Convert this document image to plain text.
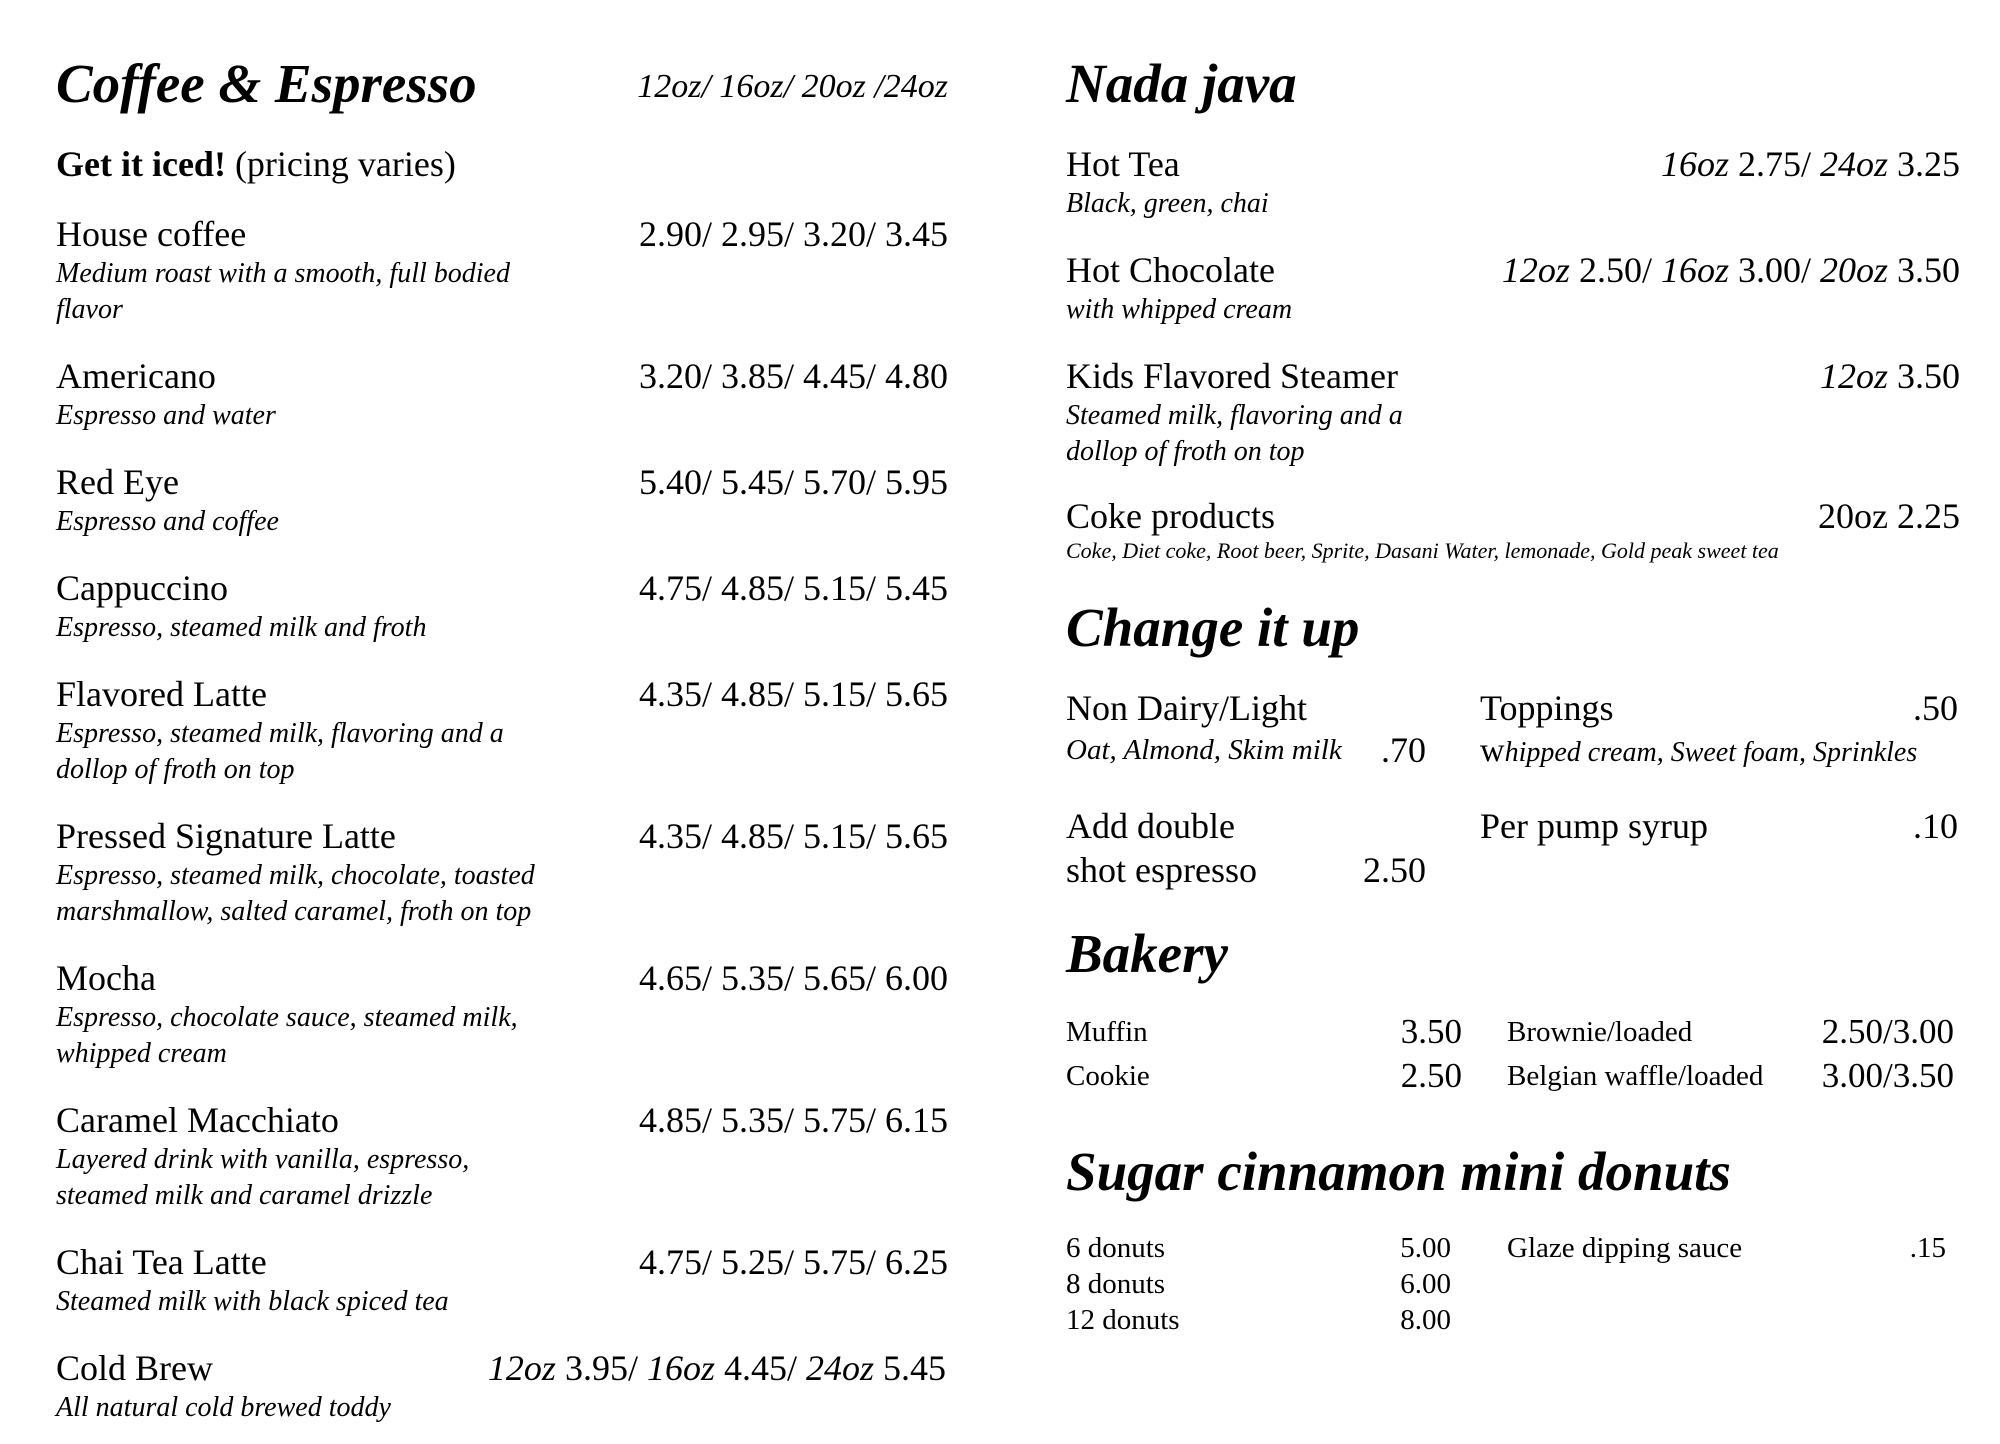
Coffee & Espresso	12oz/ 16oz/ 20oz /24oz
Get it iced! (pricing varies)
House coffee	2.90/ 2.95/ 3.20/ 3.45
Medium roast with a smooth, full bodied
flavor
Americano	3.20/ 3.85/ 4.45/ 4.80
Espresso and water
Red Eye	5.40/ 5.45/ 5.70/ 5.95
Espresso and coffee
Cappuccino	4.75/ 4.85/ 5.15/ 5.45
Espresso, steamed milk and froth
Flavored Latte	4.35/ 4.85/ 5.15/ 5.65
Espresso, steamed milk, flavoring and a
dollop of froth on top
Pressed Signature Latte	4.35/ 4.85/ 5.15/ 5.65
Espresso, steamed milk, chocolate, toasted
marshmallow, salted caramel, froth on top
Mocha	4.65/ 5.35/ 5.65/ 6.00
Espresso, chocolate sauce, steamed milk,
whipped cream
Caramel Macchiato	4.85/ 5.35/ 5.75/ 6.15
Layered drink with vanilla, espresso,
steamed milk and caramel drizzle
Chai Tea Latte	4.75/ 5.25/ 5.75/ 6.25
Steamed milk with black spiced tea
Cold Brew	12oz 3.95/ 16oz 4.45/ 24oz 5.45
All natural cold brewed toddy
Nada java
Hot Tea	16oz 2.75/ 24oz 3.25
Black, green, chai
Hot Chocolate	12oz 2.50/ 16oz 3.00/ 20oz 3.50
with whipped cream
Kids Flavored Steamer	12oz 3.50
Steamed milk, flavoring and a
dollop of froth on top
Coke products	20oz 2.25
Coke, Diet coke, Root beer, Sprite, Dasani Water, lemonade, Gold peak sweet tea
Change it up
Non Dairy/Light
Oat, Almond, Skim milk .70
Toppings	.50
whipped cream, Sweet foam, Sprinkles
Add double
shot espresso	2.50
Per pump syrup	.10
Bakery
Muffin	3.50
Cookie	2.50
Brownie/loaded	2.50/3.00
Belgian waffle/loaded 3.00/3.50
Sugar cinnamon mini donuts
6 donuts	5.00
8 donuts	6.00
12 donuts	8.00
Glaze dipping sauce	.15
